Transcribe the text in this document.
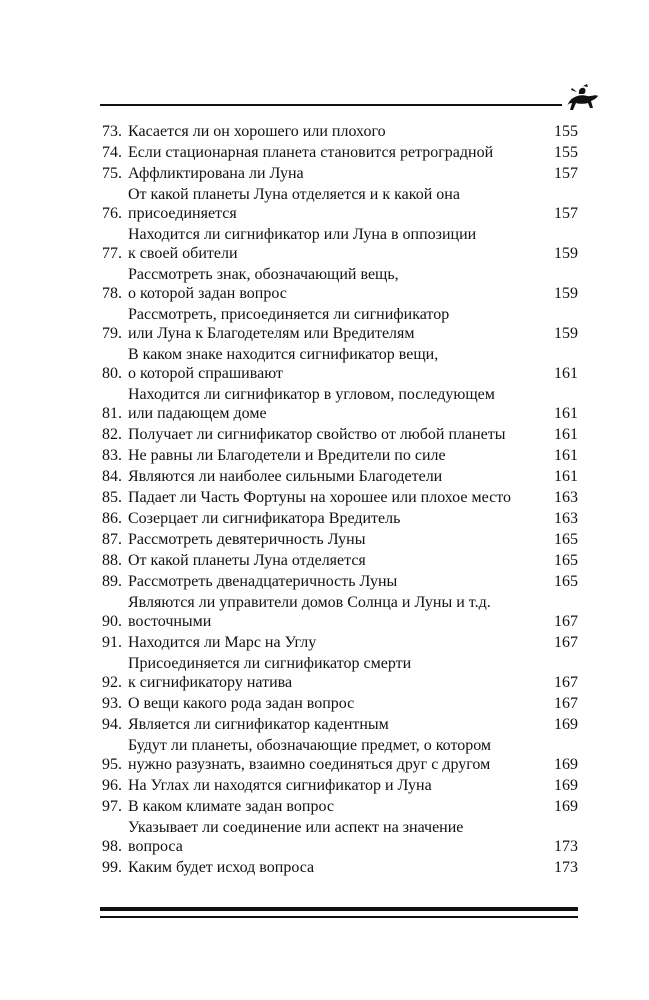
73. Касается ли он хорошего или плохого	155
74. Если стационарная планета становится ретроградной	155
75. Аффликтирована ли Луна	157
76.
От какой планеты Луна отделяется и к какой она
присоединяется	157
77.
Находится ли сигнификатор или Луна в оппозиции
к своей обители	159
78.
Рассмотреть знак, обозначающий вещь,
о которой задан вопрос	159
79.
Рассмотреть, присоединяется ли сигнификатор
или Луна к Благодетелям или Вредителям	159
80.
В каком знаке находится сигнификатор вещи,
о которой спрашивают	161
81.
Находится ли сигнификатор в угловом, последующем
или падающем доме	161
82. Получает ли сигнификатор свойство от любой планеты	161
83. Не равны ли Благодетели и Вредители по силе	161
84. Являются ли наиболее сильными Благодетели	161
85. Падает ли Часть Фортуны на хорошее или плохое место	163
86. Созерцает ли сигнификатора Вредитель	163
87. Рассмотреть девятеричность Луны	165
88. От какой планеты Луна отделяется	165
89. Рассмотреть двенадцатеричность Луны	165
90.
Являются ли управители домов Солнца и Луны и т.д.
восточными	167
91. Находится ли Марс на Углу	167
92.
Присоединяется ли сигнификатор смерти
к сигнификатору натива	167
93. О вещи какого рода задан вопрос	167
94. Является ли сигнификатор кадентным	169
95.
Будут ли планеты, обозначающие предмет, о котором
нужно разузнать, взаимно соединяться друг с другом	169
96. На Углах ли находятся сигнификатор и Луна	169
97. В каком климате задан вопрос	169
98.
Указывает ли соединение или аспект на значение
вопроса	173
99. Каким будет исход вопроса	173
